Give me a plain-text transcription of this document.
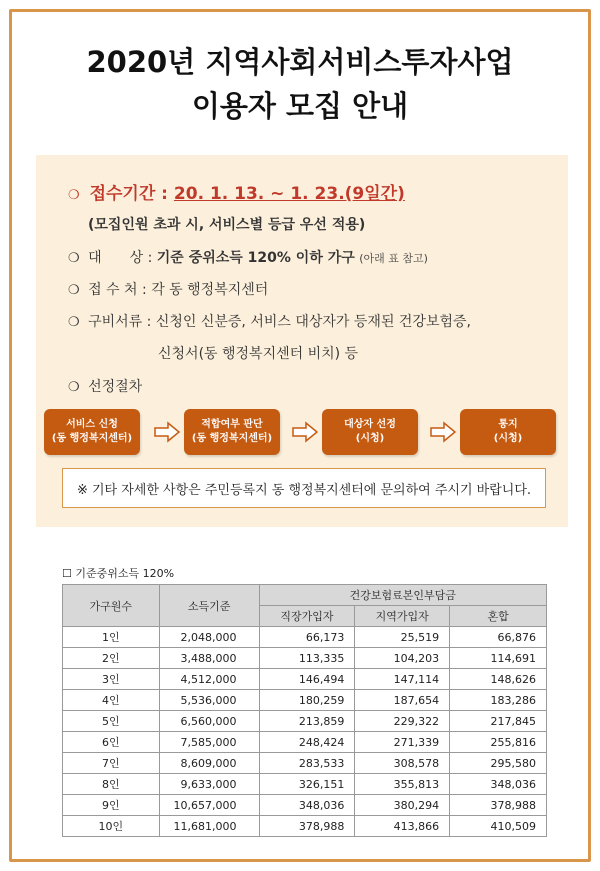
2020년 지역사회서비스투자사업
이용자 모집 안내
❍ 접수기간 : 20. 1. 13. ~ 1. 23.(9일간)
(모집인원 초과 시, 서비스별 등급 우선 적용)
❍ 대　　상 : 기준 중위소득 120% 이하 가구 (아래 표 참고)
❍ 접 수 처 : 각 동 행정복지센터
❍ 구비서류 : 신청인 신분증, 서비스 대상자가 등재된 건강보험증,
신청서(동 행정복지센터 비치) 등
❍ 선정절차
서비스 신청
(동 행정복지센터)
적합여부 판단
(동 행정복지센터)
대상자 선정
(시청)
통지
(시청)
※ 기타 자세한 사항은 주민등록지 동 행정복지센터에 문의하여 주시기 바랍니다.
☐ 기준중위소득 120%
가구원수	소득기준	건강보험료본인부담금		
		직장가입자	지역가입자	혼합
1인	2,048,000	66,173	25,519	66,876
2인	3,488,000	113,335	104,203	114,691
3인	4,512,000	146,494	147,114	148,626
4인	5,536,000	180,259	187,654	183,286
5인	6,560,000	213,859	229,322	217,845
6인	7,585,000	248,424	271,339	255,816
7인	8,609,000	283,533	308,578	295,580
8인	9,633,000	326,151	355,813	348,036
9인	10,657,000	348,036	380,294	378,988
10인	11,681,000	378,988	413,866	410,509
